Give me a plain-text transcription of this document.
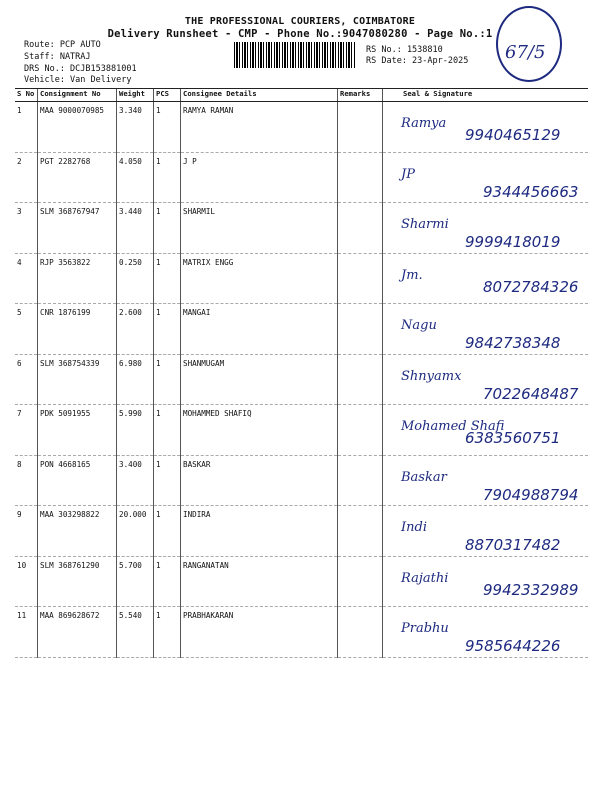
THE PROFESSIONAL COURIERS, COIMBATORE
Delivery Runsheet - CMP - Phone No.:9047080280 - Page No.:1
Route: PCP AUTO
Staff: NATRAJ
DRS No.: DCJB153881001
Vehicle: Van Delivery
RS No.: 1538810
RS Date: 23-Apr-2025 67/5
S No	Consignment No	Weight	PCS	Consignee Details	Remarks	Seal & Signature
1	MAA 9000070985	3.340	1	RAMYA RAMAN		Ramya
9940465129

2	PGT 2282768	4.050	1	J P		JP
9344456663

3	SLM 368767947	3.440	1	SHARMIL		Sharmi
9999418019

4	RJP 3563822	0.250	1	MATRIX ENGG		Jm.
8072784326

5	CNR 1876199	2.600	1	MANGAI		Nagu
9842738348

6	SLM 368754339	6.980	1	SHANMUGAM		Shnyamx
7022648487

7	PDK 5091955	5.990	1	MOHAMMED SHAFIQ		Mohamed Shafi
6383560751

8	PON 4668165	3.400	1	BASKAR		Baskar
7904988794

9	MAA 303298822	20.000	1	INDIRA		Indi
8870317482

10	SLM 368761290	5.700	1	RANGANATAN		Rajathi
9942332989

11	MAA 869628672	5.540	1	PRABHAKARAN		Prabhu
9585644226
